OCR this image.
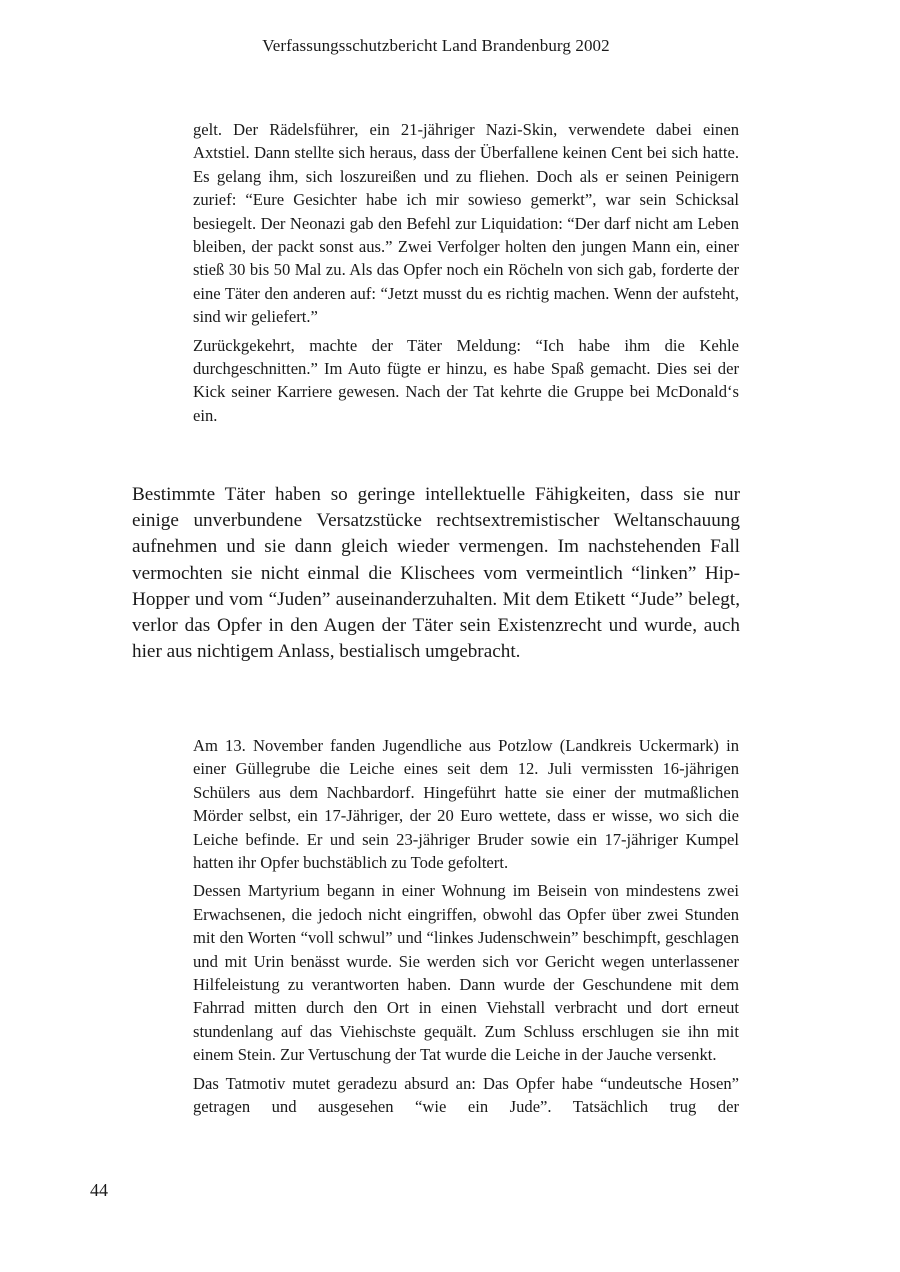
Verfassungsschutzbericht Land Brandenburg 2002

gelt. Der Rädelsführer, ein 21-jähriger Nazi-Skin, verwendete dabei einen Axtstiel. Dann stellte sich heraus, dass der Überfallene keinen Cent bei sich hatte. Es gelang ihm, sich loszureißen und zu fliehen. Doch als er seinen Peinigern zurief: “Eure Gesichter habe ich mir sowieso gemerkt”, war sein Schicksal besiegelt. Der Neonazi gab den Befehl zur Liquidation: “Der darf nicht am Leben bleiben, der packt sonst aus.” Zwei Verfolger holten den jungen Mann ein, einer stieß 30 bis 50 Mal zu. Als das Opfer noch ein Röcheln von sich gab, forderte der eine Täter den anderen auf: “Jetzt musst du es richtig machen. Wenn der aufsteht, sind wir geliefert.”

Zurückgekehrt, machte der Täter Meldung: “Ich habe ihm die Kehle durchgeschnitten.” Im Auto fügte er hinzu, es habe Spaß gemacht. Dies sei der Kick seiner Karriere gewesen. Nach der Tat kehrte die Gruppe bei McDonald‘s ein.

Bestimmte Täter haben so geringe intellektuelle Fähigkeiten, dass sie nur einige unverbundene Versatzstücke rechtsextremistischer Weltanschauung aufnehmen und sie dann gleich wieder vermengen. Im nachstehenden Fall vermochten sie nicht einmal die Klischees vom vermeintlich “linken” Hip-Hopper und vom “Juden” auseinanderzuhalten. Mit dem Etikett “Jude” belegt, verlor das Opfer in den Augen der Täter sein Existenzrecht und wurde, auch hier aus nichtigem Anlass, bestialisch umgebracht.

Am 13. November fanden Jugendliche aus Potzlow (Landkreis Uckermark) in einer Güllegrube die Leiche eines seit dem 12. Juli vermissten 16-jährigen Schülers aus dem Nachbardorf. Hingeführt hatte sie einer der mutmaßlichen Mörder selbst, ein 17-Jähriger, der 20 Euro wettete, dass er wisse, wo sich die Leiche befinde. Er und sein 23-jähriger Bruder sowie ein 17-jähriger Kumpel hatten ihr Opfer buchstäblich zu Tode gefoltert.

Dessen Martyrium begann in einer Wohnung im Beisein von mindestens zwei Erwachsenen, die jedoch nicht eingriffen, obwohl das Opfer über zwei Stunden mit den Worten “voll schwul” und “linkes Judenschwein” beschimpft, geschlagen und mit Urin benässt wurde. Sie werden sich vor Gericht wegen unterlassener Hilfeleistung zu verantworten haben. Dann wurde der Geschundene mit dem Fahrrad mitten durch den Ort in einen Viehstall verbracht und dort erneut stundenlang auf das Viehischste gequält. Zum Schluss erschlugen sie ihn mit einem Stein. Zur Vertuschung der Tat wurde die Leiche in der Jauche versenkt.

Das Tatmotiv mutet geradezu absurd an: Das Opfer habe “undeutsche Hosen” getragen und ausgesehen “wie ein Jude”. Tatsächlich trug der

44
